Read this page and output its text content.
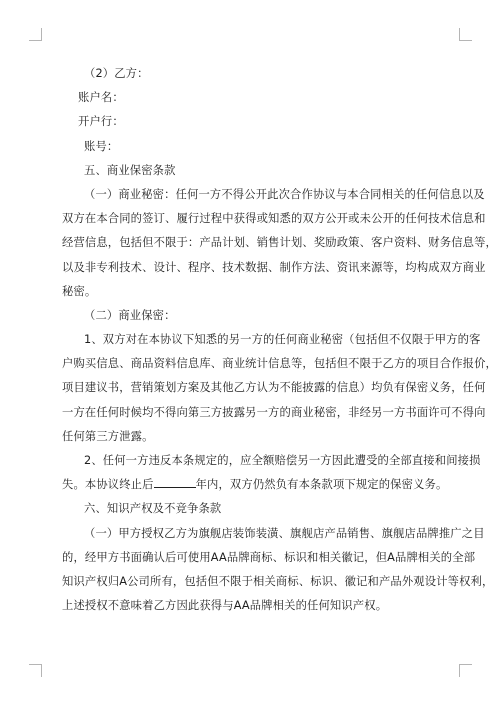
（2）乙方：
账户名：
开户行：
账号：
五、商业保密条款
（一）商业秘密：任何一方不得公开此次合作协议与本合同相关的任何信息以及
双方在本合同的签订、履行过程中获得或知悉的双方公开或未公开的任何技术信息和
经营信息，包括但不限于：产品计划、销售计划、奖励政策、客户资料、财务信息等，
以及非专利技术、设计、程序、技术数据、制作方法、资讯来源等，均构成双方商业
秘密。
（二）商业保密：
1、双方对在本协议下知悉的另一方的任何商业秘密（包括但不仅限于甲方的客
户购买信息、商品资料信息库、商业统计信息等，包括但不限于乙方的项目合作报价，
项目建议书，营销策划方案及其他乙方认为不能披露的信息）均负有保密义务，任何
一方在任何时候均不得向第三方披露另一方的商业秘密，非经另一方书面许可不得向
任何第三方泄露。
2、任何一方违反本条规定的，应全额赔偿另一方因此遭受的全部直接和间接损
失。本协议终止后	年内，双方仍然负有本条款项下规定的保密义务。
六、知识产权及不竞争条款
（一）甲方授权乙方为旗舰店装饰装潢、旗舰店产品销售、旗舰店品牌推广之目
的，经甲方书面确认后可使用AA品牌商标、标识和相关徽记，但A品牌相关的全部
知识产权归A公司所有，包括但不限于相关商标、标识、徽记和产品外观设计等权利，
上述授权不意味着乙方因此获得与AA品牌相关的任何知识产权。
